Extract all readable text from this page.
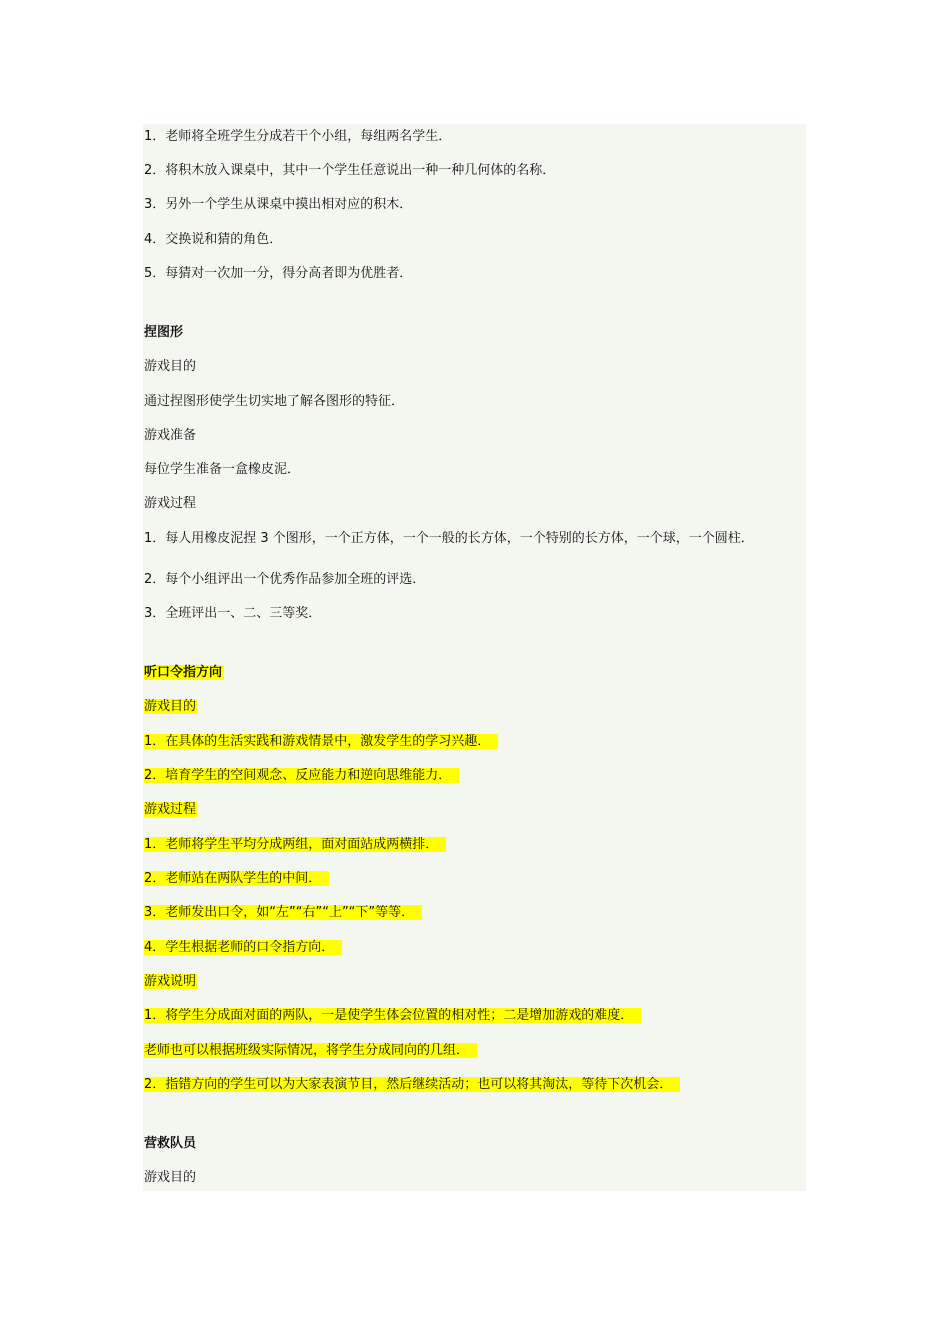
1．老师将全班学生分成若干个小组，每组两名学生．
2．将积木放入课桌中，其中一个学生任意说出一种一种几何体的名称．
3．另外一个学生从课桌中摸出相对应的积木．
4．交换说和猜的角色．
5．每猜对一次加一分，得分高者即为优胜者．
捏图形
游戏目的
通过捏图形使学生切实地了解各图形的特征．
游戏准备
每位学生准备一盒橡皮泥．
游戏过程
1．每人用橡皮泥捏 3 个图形，一个正方体，一个一般的长方体，一个特别的长方体，一个球，一个圆柱．
2．每个小组评出一个优秀作品参加全班的评选．
3．全班评出一、二、三等奖．
听口令指方向
游戏目的
1．在具体的生活实践和游戏情景中，激发学生的学习兴趣．
2．培育学生的空间观念、反应能力和逆向思维能力．
游戏过程
1．老师将学生平均分成两组，面对面站成两横排．
2．老师站在两队学生的中间．
3．老师发出口令，如“左”“右”“上”“下”等等．
4．学生根据老师的口令指方向．
游戏说明
1．将学生分成面对面的两队，一是使学生体会位置的相对性；二是增加游戏的难度．
老师也可以根据班级实际情况，将学生分成同向的几组．
2．指错方向的学生可以为大家表演节目，然后继续活动；也可以将其淘汰，等待下次机会．
营救队员
游戏目的
